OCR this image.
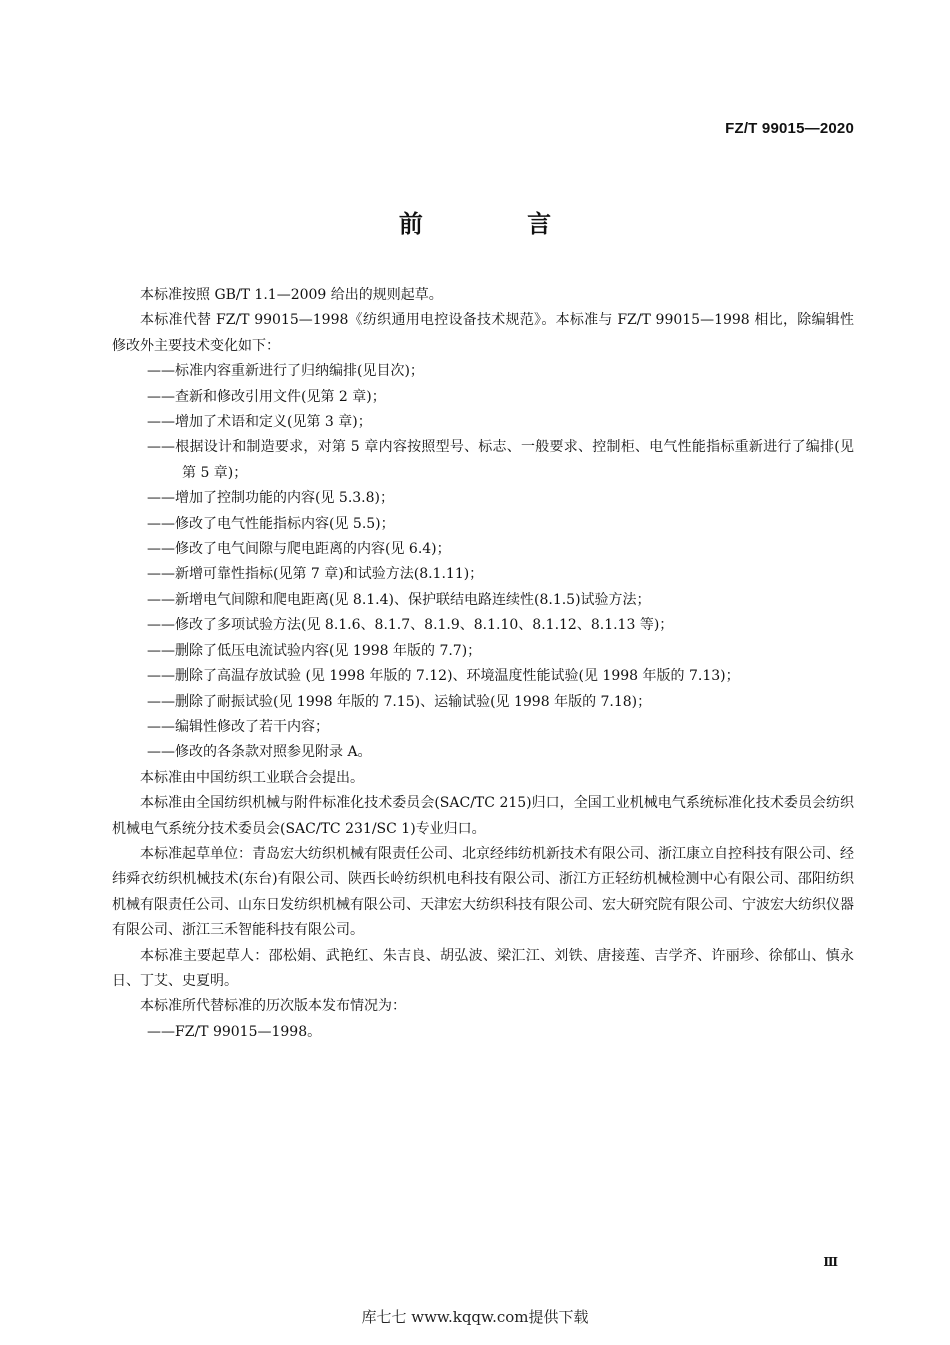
FZ/T 99015—2020
前 言

本标准按照 GB/T 1.1—2009 给出的规则起草。

本标准代替 FZ/T 99015—1998《纺织通用电控设备技术规范》。本标准与 FZ/T 99015—1998 相比，除编辑性修改外主要技术变化如下：

——标准内容重新进行了归纳编排(见目次)；

——查新和修改引用文件(见第 2 章)；

——增加了术语和定义(见第 3 章)；

——根据设计和制造要求，对第 5 章内容按照型号、标志、一般要求、控制柜、电气性能指标重新进行了编排(见第 5 章)；

——增加了控制功能的内容(见 5.3.8)；

——修改了电气性能指标内容(见 5.5)；

——修改了电气间隙与爬电距离的内容(见 6.4)；

——新增可靠性指标(见第 7 章)和试验方法(8.1.11)；

——新增电气间隙和爬电距离(见 8.1.4)、保护联结电路连续性(8.1.5)试验方法；

——修改了多项试验方法(见 8.1.6、8.1.7、8.1.9、8.1.10、8.1.12、8.1.13 等)；

——删除了低压电流试验内容(见 1998 年版的 7.7)；

——删除了高温存放试验 (见 1998 年版的 7.12)、环境温度性能试验(见 1998 年版的 7.13)；

——删除了耐振试验(见 1998 年版的 7.15)、运输试验(见 1998 年版的 7.18)；

——编辑性修改了若干内容；

——修改的各条款对照参见附录 A。

本标准由中国纺织工业联合会提出。

本标准由全国纺织机械与附件标准化技术委员会(SAC/TC 215)归口，全国工业机械电气系统标准化技术委员会纺织机械电气系统分技术委员会(SAC/TC 231/SC 1)专业归口。

本标准起草单位：青岛宏大纺织机械有限责任公司、北京经纬纺机新技术有限公司、浙江康立自控科技有限公司、经纬舜衣纺织机械技术(东台)有限公司、陕西长岭纺织机电科技有限公司、浙江方正轻纺机械检测中心有限公司、邵阳纺织机械有限责任公司、山东日发纺织机械有限公司、天津宏大纺织科技有限公司、宏大研究院有限公司、宁波宏大纺织仪器有限公司、浙江三禾智能科技有限公司。

本标准主要起草人：邵松娟、武艳红、朱吉良、胡弘波、梁汇江、刘铁、唐接莲、吉学齐、许丽珍、徐郁山、慎永日、丁艾、史夏明。

本标准所代替标准的历次版本发布情况为：

——FZ/T 99015—1998。

Ⅲ
库七七 www.kqqw.com提供下载
